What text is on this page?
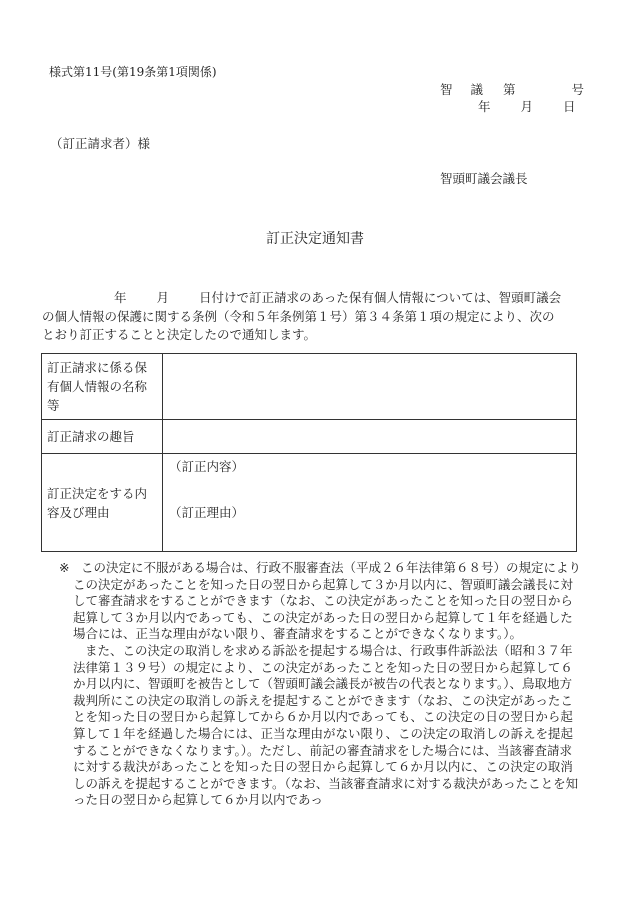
様式第11号(第19条第1項関係)
智 議 第	号
年 月 日
（訂正請求者）様
智頭町議会議長
訂正決定通知書

年 月 日付けで訂正請求のあった保有個人情報については、智頭町議会

の個人情報の保護に関する条例（令和５年条例第１号）第３４条第１項の規定により、次の

とおり訂正することと決定したので通知します。

訂正請求に係る保有個人情報の名称等	
訂正請求の趣旨	
訂正決定をする内容及び理由	（訂正内容）
（訂正理由）

※ この決定に不服がある場合は、行政不服審査法（平成２６年法律第６８号）の規定によりこの決定があったことを知った日の翌日から起算して３か月以内に、智頭町議会議長に対して審査請求をすることができます（なお、この決定があったことを知った日の翌日から起算して３か月以内であっても、この決定があった日の翌日から起算して１年を経過した場合には、正当な理由がない限り、審査請求をすることができなくなります。）。

また、この決定の取消しを求める訴訟を提起する場合は、行政事件訴訟法（昭和３７年法律第１３９号）の規定により、この決定があったことを知った日の翌日から起算して６か月以内に、智頭町を被告として（智頭町議会議長が被告の代表となります。）、鳥取地方裁判所にこの決定の取消しの訴えを提起することができます（なお、この決定があったことを知った日の翌日から起算してから６か月以内であっても、この決定の日の翌日から起算して１年を経過した場合には、正当な理由がない限り、この決定の取消しの訴えを提起することができなくなります。）。ただし、前記の審査請求をした場合には、当該審査請求に対する裁決があったことを知った日の翌日から起算して６か月以内に、この決定の取消しの訴えを提起することができます。（なお、当該審査請求に対する裁決があったことを知った日の翌日から起算して６か月以内であっ
